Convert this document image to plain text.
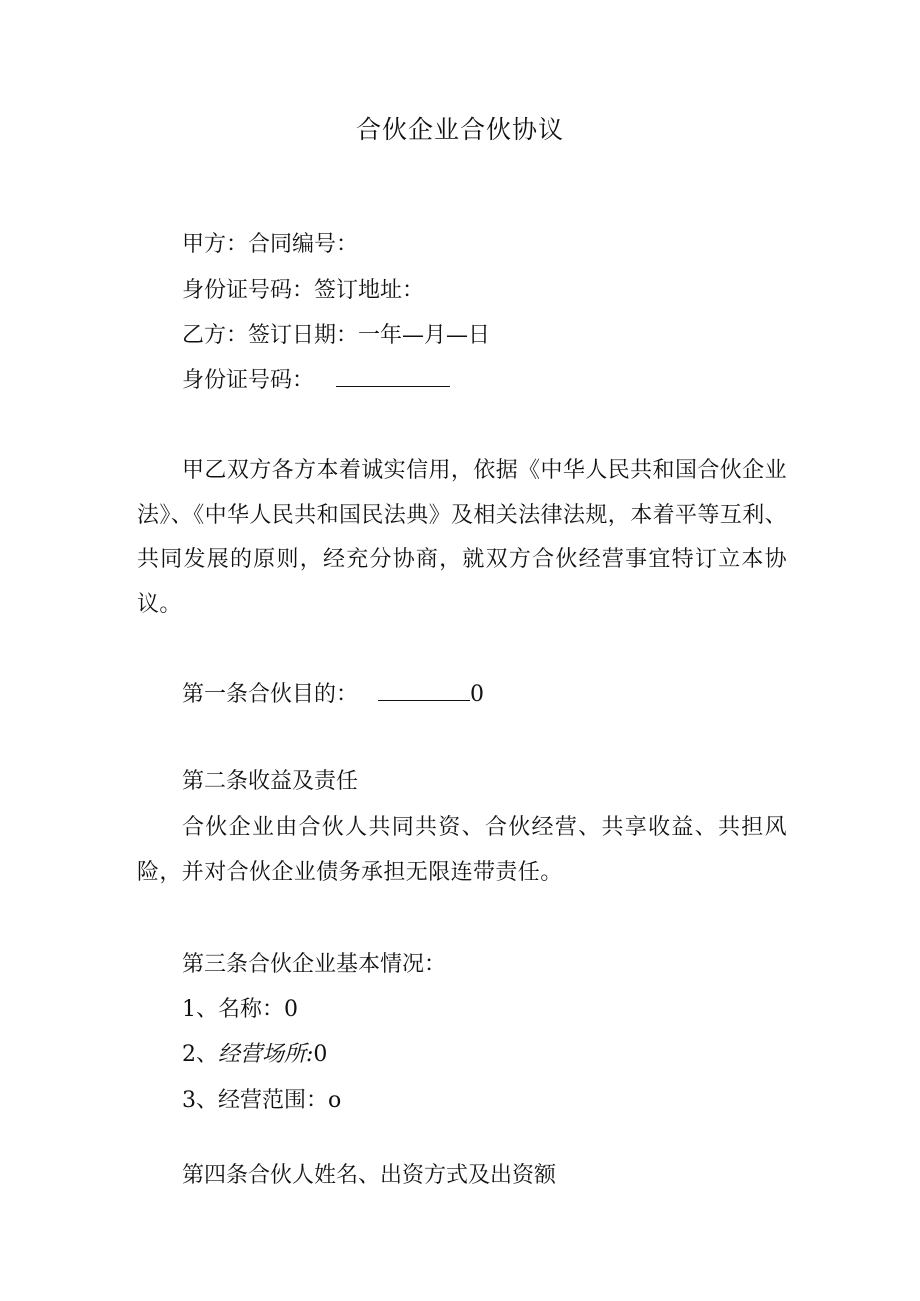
合伙企业合伙协议
甲方：合同编号：
身份证号码：签订地址：
乙方：签订日期：一年—月—日
身份证号码：
甲乙双方各方本着诚实信用，依据《中华人民共和国合伙企业法》、《中华人民共和国民法典》及相关法律法规，本着平等互利、共同发展的原则，经充分协商，就双方合伙经营事宜特订立本协议。
第一条合伙目的：	0
第二条收益及责任
合伙企业由合伙人共同共资、合伙经营、共享收益、共担风险，并对合伙企业债务承担无限连带责任。
第三条合伙企业基本情况：
1、名称：0
2、经营场所:0
3、经营范围：o
第四条合伙人姓名、出资方式及出资额
